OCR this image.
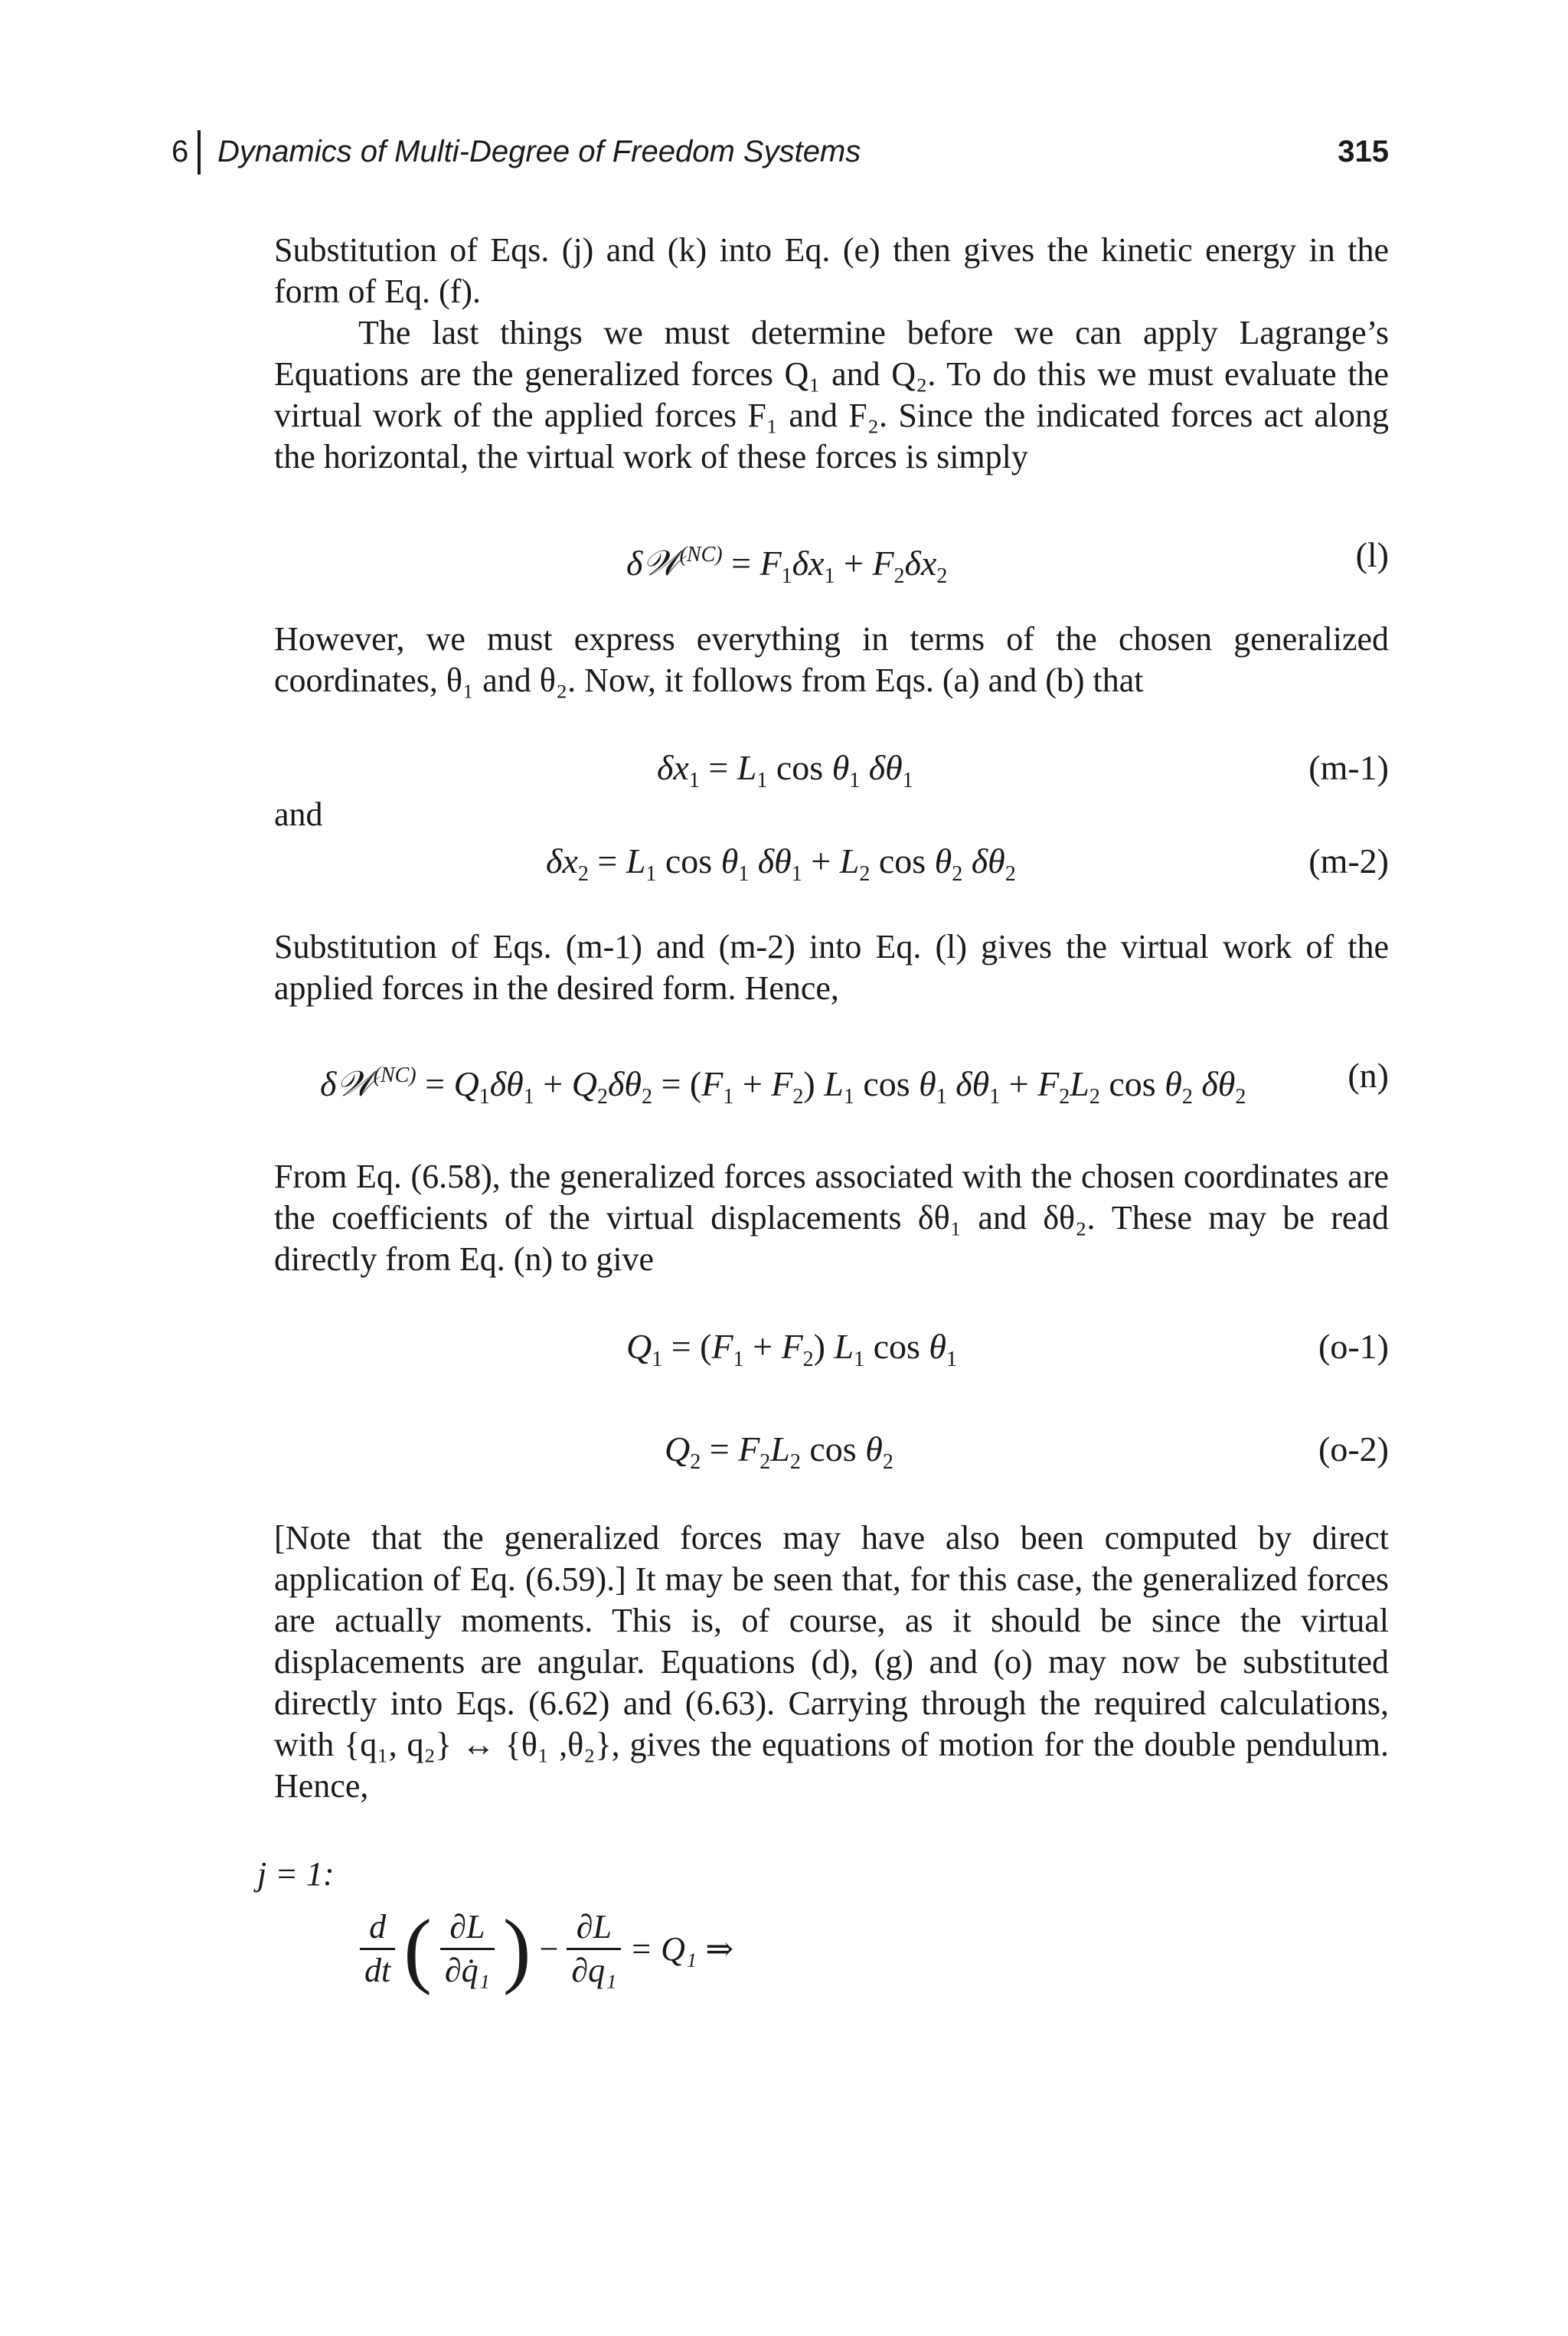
6 Dynamics of Multi-Degree of Freedom Systems	315

Substitution of Eqs. (j) and (k) into Eq. (e) then gives the kinetic energy in the form of Eq. (f).

The last things we must determine before we can apply Lagrange’s Equations are the generalized forces Q₁ and Q₂. To do this we must evaluate the virtual work of the applied forces F₁ and F₂. Since the indicated forces act along the horizontal, the virtual work of these forces is simply

δ𝒲$^{(NC)}$ = $F_1\delta x_1 + F_2\delta x_2$
(l)

However, we must express everything in terms of the chosen generalized coordinates, θ₁ and θ₂. Now, it follows from Eqs. (a) and (b) that

$\delta x_1 = L_1$ $\cos \theta_1$ $\delta\theta_1$	(m-1)
and
$\delta x_2 = L_1$ $\cos \theta_1$ $\delta\theta_1 + L_2$ $\cos \theta_2$ $\delta\theta_2$	(m-2)

Substitution of Eqs. (m-1) and (m-2) into Eq. (l) gives the virtual work of the applied forces in the desired form. Hence,

δ𝒲$^{(NC)}$ = $Q_1\delta\theta_1 + Q_2\delta\theta_2 = (F_1 + F_2)$ $L_1$ $\cos \theta_1$ $\delta\theta_1 + F_2L_2$ $\cos \theta_2$ $\delta\theta_2$
(n)

From Eq. (6.58), the generalized forces associated with the chosen coordinates are the coefficients of the virtual displacements δθ₁ and δθ₂. These may be read directly from Eq. (n) to give

$Q_1 = (F_1 + F_2)$ $L_1$ $\cos \theta_1$	(o-1)
$Q_2 = F_2L_2$ $\cos \theta_2$	(o-2)

[Note that the generalized forces may have also been computed by direct application of Eq. (6.59).] It may be seen that, for this case, the generalized forces are actually moments. This is, of course, as it should be since the virtual displacements are angular. Equations (d), (g) and (o) may now be substituted directly into Eqs. (6.62) and (6.63). Carrying through the required calculations, with {q₁, q₂} ↔ {θ₁ ,θ₂}, gives the equations of motion for the double pendulum. Hence,

j = 1:
$\frac{d}{dt}$ ( $\frac{\partial L}{\text{∂q̇₁}}$ ) − $\frac{\partial L}{\text{∂q₁}} = Q_1$ ⇒
